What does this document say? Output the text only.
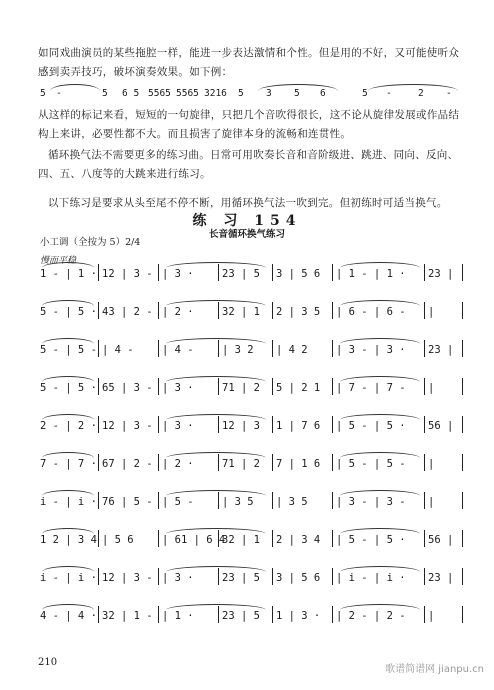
如同戏曲演员的某些拖腔一样，能进一步表达激情和个性。但是用的不好，又可能使听众感到卖弄技巧，破坏演奏效果。如下例：
5 -	5 6 5 5565 5565 3216 5 3 5 6	5 -	2 -
从这样的标记来看，短短的一句旋律，只把几个音吹得很长，这不论从旋律发展或作品结构上来讲，必要性都不大。而且损害了旋律本身的流畅和连贯性。
循环换气法不需要更多的练习曲。日常可用吹奏长音和音阶级进、跳进、同向、反向、四、五、八度等的大跳来进行练习。
以下练习是要求从头至尾不停不断，用循环换气法一吹到完。但初练时可适当换气。
练 习 154
长音循环换气练习
小工调（全按为 5）2/4
慢而平稳
1 - | 1 · 12 | 3 - | 3 ·	23 | 5 3 | 5 6 | 1 - | 1 · 23 |
5 - | 5 · 43 | 2 - | 2 ·	32 | 1 2 | 3 5 | 6 - | 6 - |
5 - | 5 - | 4 -	| 4 -	| 3 2 | 4 2	| 3 - | 3 · 23 |
5 - | 5 · 65 | 3 - | 3 ·	71 | 2 5 | 2 1 | 7 - | 7 - |
2 - | 2 · 12 | 3 - | 3 ·	12 | 3 1 | 7 6 | 5 - | 5 · 56 |
7 - | 7 · 67 | 2 - | 2 ·	71 | 2 7 | 1 6 | 5 - | 5 - |
i - | i · 76 | 5 - | 5 -	| 3 5 | 3 5	| 3 - | 3 - |
1 2 | 3 4 | 5 6	| 61 | 6 4
32 | 1 2 | 3 4 | 5 - | 5 · 56 |
i - | i · 12 | 3 - | 3 ·	23 | 5 3 | 5 6 | i - | i · 23 |
4 - | 4 · 32 | 1 - | 1 ·	23 | 5 1 | 3 · | 2 - | 2 - |
210
歌谱简谱网 jianpu.cn
